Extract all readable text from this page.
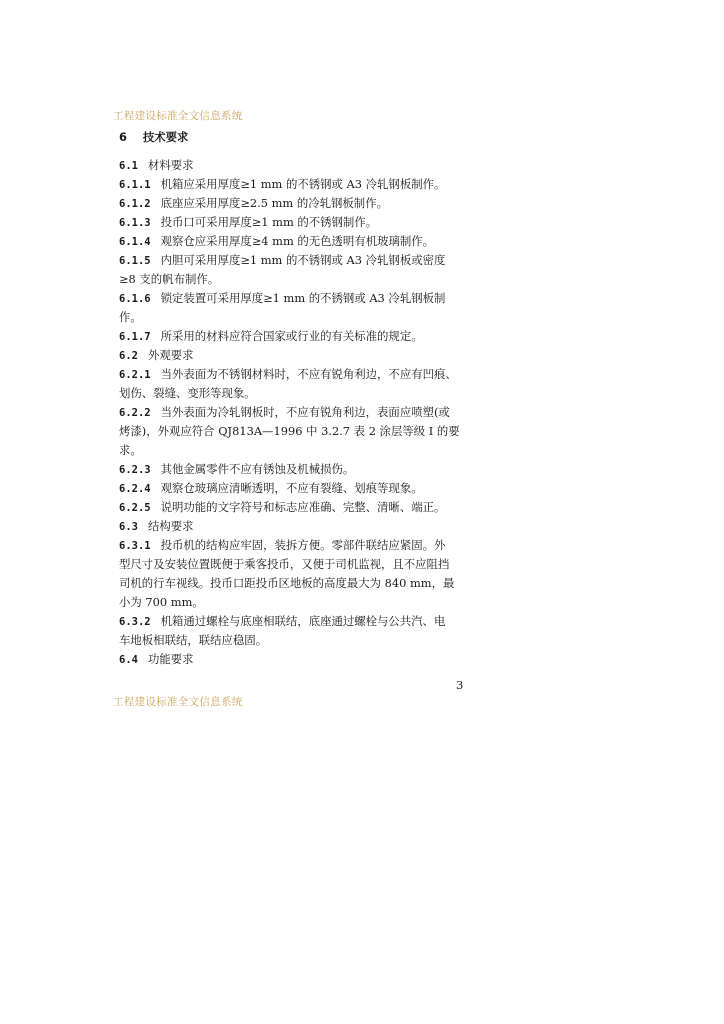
工程建设标准全文信息系统
6 技术要求
6.1 材料要求
6.1.1 机箱应采用厚度≥1 mm 的不锈钢或 A3 冷轧钢板制作。
6.1.2 底座应采用厚度≥2.5 mm 的冷轧钢板制作。
6.1.3 投币口可采用厚度≥1 mm 的不锈钢制作。
6.1.4 观察仓应采用厚度≥4 mm 的无色透明有机玻璃制作。
6.1.5 内胆可采用厚度≥1 mm 的不锈钢或 A3 冷轧钢板或密度
≥8 支的帆布制作。
6.1.6 锁定装置可采用厚度≥1 mm 的不锈钢或 A3 冷轧钢板制
作。
6.1.7 所采用的材料应符合国家或行业的有关标准的规定。
6.2 外观要求
6.2.1 当外表面为不锈钢材料时，不应有锐角利边，不应有凹痕、
划伤、裂缝、变形等现象。
6.2.2 当外表面为冷轧钢板时，不应有锐角利边，表面应喷塑(或
烤漆)，外观应符合 QJ813A—1996 中 3.2.7 表 2 涂层等级 Ⅰ 的要
求。
6.2.3 其他金属零件不应有锈蚀及机械损伤。
6.2.4 观察仓玻璃应清晰透明，不应有裂缝、划痕等现象。
6.2.5 说明功能的文字符号和标志应准确、完整、清晰、端正。
6.3 结构要求
6.3.1 投币机的结构应牢固，装拆方便。零部件联结应紧固。外
型尺寸及安装位置既便于乘客投币，又便于司机监视，且不应阻挡
司机的行车视线。投币口距投币区地板的高度最大为 840 mm，最
小为 700 mm。
6.3.2 机箱通过螺栓与底座相联结，底座通过螺栓与公共汽、电
车地板相联结，联结应稳固。
6.4 功能要求
工程建设标准全文信息系统
3
